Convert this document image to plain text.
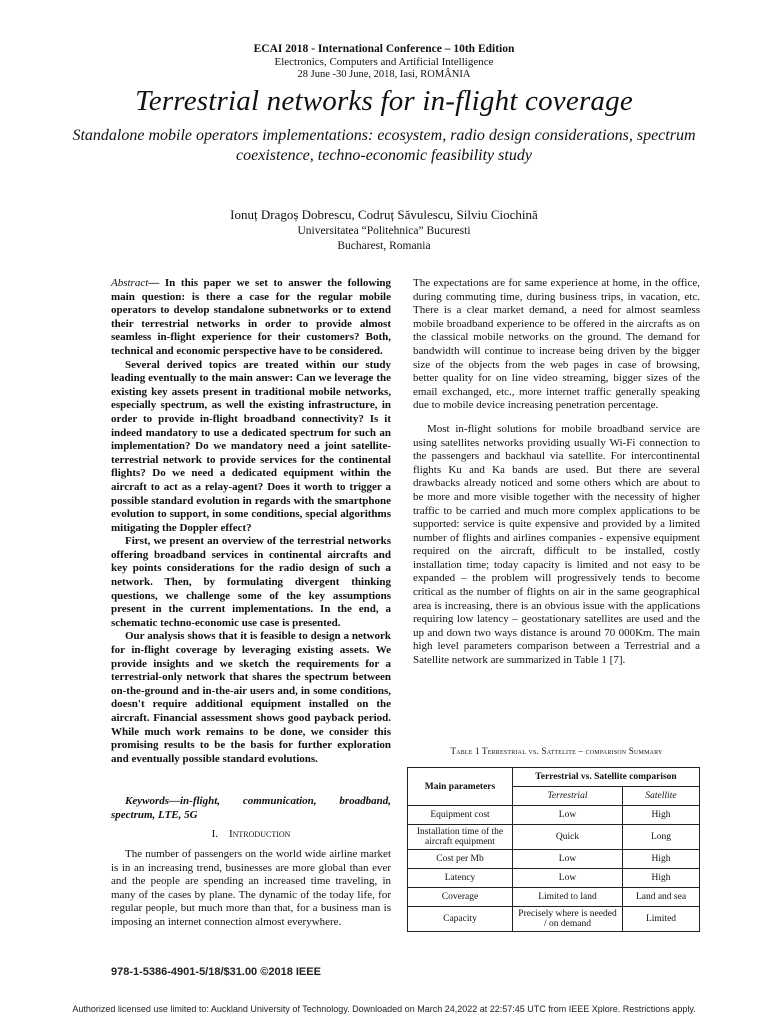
ECAI 2018 - International Conference – 10th Edition
Electronics, Computers and Artificial Intelligence
28 June -30 June, 2018, Iasi, ROMÂNIA
Terrestrial networks for in-flight coverage
Standalone mobile operators implementations: ecosystem, radio design considerations, spectrum coexistence, techno-economic feasibility study
Ionuț Dragoș Dobrescu, Codruț Săvulescu, Silviu Ciochină
Universitatea “Politehnica” Bucuresti
Bucharest, Romania

Abstract— In this paper we set to answer the following main question: is there a case for the regular mobile operators to develop standalone subnetworks or to extend their terrestrial networks in order to provide almost seamless in-flight experience for their customers? Both, technical and economic perspective have to be considered.

Several derived topics are treated within our study leading eventually to the main answer: Can we leverage the existing key assets present in traditional mobile networks, especially spectrum, as well the existing infrastructure, in order to provide in-flight broadband connectivity? Is it indeed mandatory to use a dedicated spectrum for such an implementation? Do we mandatory need a joint satellite-terrestrial network to provide services for the continental flights? Do we need a dedicated equipment within the aircraft to act as a relay-agent? Does it worth to trigger a possible standard evolution in regards with the smartphone evolution to support, in some conditions, special algorithms mitigating the Doppler effect?

First, we present an overview of the terrestrial networks offering broadband services in continental aircrafts and key points considerations for the radio design of such a network. Then, by formulating divergent thinking questions, we challenge some of the key assumptions present in the current implementations. In the end, a schematic techno-economic use case is presented.

Our analysis shows that it is feasible to design a network for in-flight coverage by leveraging existing assets. We provide insights and we sketch the requirements for a terrestrial-only network that shares the spectrum between on-the-ground and in-the-air users and, in some conditions, doesn't require additional equipment installed on the aircraft. Financial assessment shows good payback period. While much work remains to be done, we consider this promising results to be the basis for further exploration and eventually possible standard evolutions.

Keywords—in-flight, communication, broadband, spectrum, LTE, 5G

I. Introduction

The number of passengers on the world wide airline market is in an increasing trend, businesses are more global than ever and the people are spending an increased time traveling, in many of the cases by plane. The dynamic of the today life, for regular people, but much more than that, for a business man is imposing an internet connection almost everywhere.

The expectations are for same experience at home, in the office, during commuting time, during business trips, in vacation, etc. There is a clear market demand, a need for almost seamless mobile broadband experience to be offered in the aircrafts as on the classical mobile networks on the ground. The demand for bandwidth will continue to increase being driven by the bigger size of the objects from the web pages in case of browsing, better quality for on line video streaming, bigger sizes of the email exchanged, etc., more internet traffic generally speaking due to mobile device increasing penetration percentage.

Most in-flight solutions for mobile broadband service are using satellites networks providing usually Wi-Fi connection to the passengers and backhaul via satellite. For intercontinental flights Ku and Ka bands are used. But there are several drawbacks already noticed and some others which are about to be more and more visible together with the necessity of higher traffic to be carried and much more complex applications to be supported: service is quite expensive and provided by a limited number of flights and airlines companies - expensive equipment required on the aircraft, difficult to be installed, costly installation time; today capacity is limited and not easy to be expanded – the problem will progressively tends to become critical as the number of flights on air in the same geographical area is increasing, there is an obvious issue with the applications requiring low latency – geostationary satellites are used and the up and down two ways distance is around 70 000Km. The main high level parameters comparison between a Terrestrial and a Satellite network are summarized in Table 1 [7].

Table 1 Terrestrial vs. Sattelite – comparison Summary
Main parameters	Terrestrial vs. Satellite comparison	
	Terrestrial	Satellite
Equipment cost	Low	High
Installation time of the aircraft equipment	Quick	Long
Cost per Mb	Low	High
Latency	Low	High
Coverage	Limited to land	Land and sea
Capacity	Precisely where is needed / on demand	Limited
978-1-5386-4901-5/18/$31.00 ©2018 IEEE
Authorized licensed use limited to: Auckland University of Technology. Downloaded on March 24,2022 at 22:57:45 UTC from IEEE Xplore. Restrictions apply.
